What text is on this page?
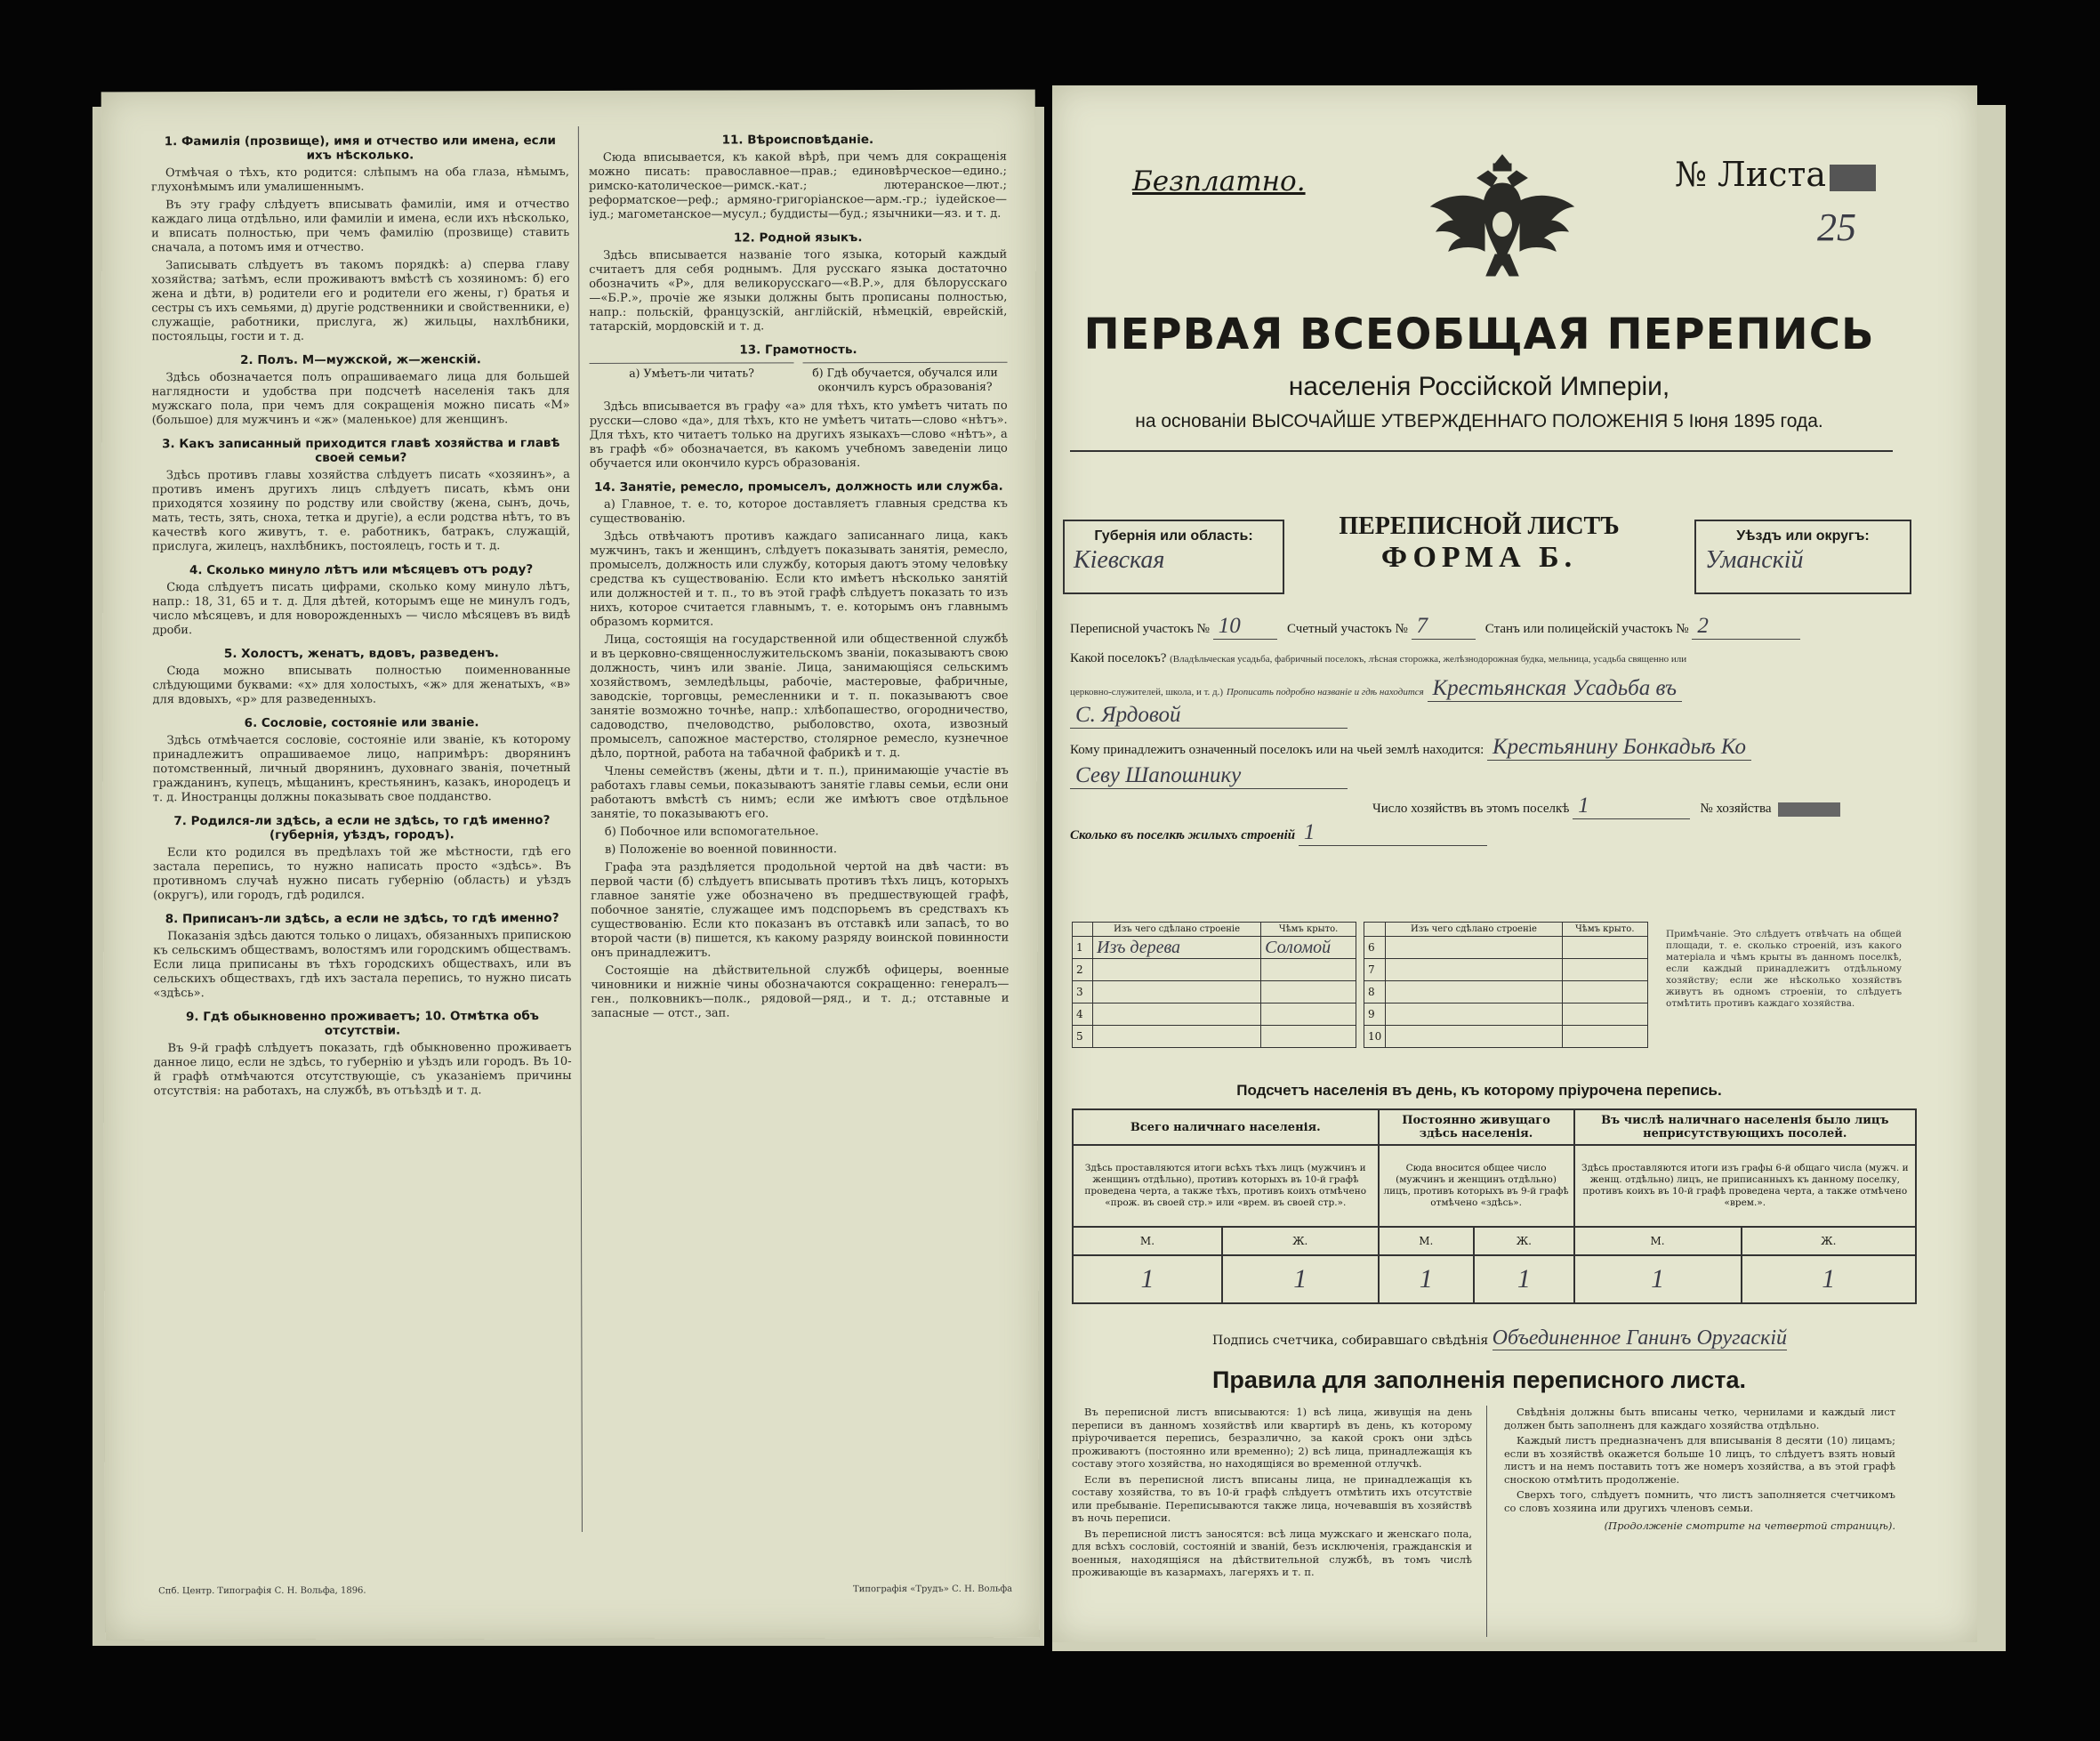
1. Фамилія (прозвище), имя и отчество или имена, если ихъ нѣсколько.

Отмѣчая о тѣхъ, кто родится: слѣпымъ на оба глаза, нѣмымъ, глухонѣмымъ или умалишеннымъ.

Въ эту графу слѣдуетъ вписывать фамиліи, имя и отчество каждаго лица отдѣльно, или фамиліи и имена, если ихъ нѣсколько, и вписать полностью, при чемъ фамилію (прозвище) ставить сначала, а потомъ имя и отчество.

Записывать слѣдуетъ въ такомъ порядкѣ: а) сперва главу хозяйства; затѣмъ, если проживаютъ вмѣстѣ съ хозяиномъ: б) его жена и дѣти, в) родители его и родители его жены, г) братья и сестры съ ихъ семьями, д) другіе родственники и свойственники, е) служащіе, работники, прислуга, ж) жильцы, нахлѣбники, постояльцы, гости и т. д.

2. Полъ. М—мужской, ж—женскій.

Здѣсь обозначается полъ опрашиваемаго лица для большей наглядности и удобства при подсчетѣ населенія такъ для мужскаго пола, при чемъ для сокращенія можно писать «М» (большое) для мужчинъ и «ж» (маленькое) для женщинъ.

3. Какъ записанный приходится главѣ хозяйства и главѣ своей семьи?

Здѣсь противъ главы хозяйства слѣдуетъ писать «хозяинъ», а противъ именъ другихъ лицъ слѣдуетъ писать, кѣмъ они приходятся хозяину по родству или свойству (жена, сынъ, дочь, мать, тесть, зять, сноха, тетка и другіе), а если родства нѣтъ, то въ качествѣ кого живутъ, т. е. работникъ, батракъ, служащій, прислуга, жилецъ, нахлѣбникъ, постоялецъ, гость и т. д.

4. Сколько минуло лѣтъ или мѣсяцевъ отъ роду?

Сюда слѣдуетъ писать цифрами, сколько кому минуло лѣтъ, напр.: 18, 31, 65 и т. д. Для дѣтей, которымъ еще не минулъ годъ, число мѣсяцевъ, и для новорожденныхъ — число мѣсяцевъ въ видѣ дроби.

5. Холостъ, женатъ, вдовъ, разведенъ.

Сюда можно вписывать полностью поименнованные слѣдующими буквами: «х» для холостыхъ, «ж» для женатыхъ, «в» для вдовыхъ, «р» для разведенныхъ.

6. Сословіе, состояніе или званіе.

Здѣсь отмѣчается сословіе, состояніе или званіе, къ которому принадлежитъ опрашиваемое лицо, напримѣръ: дворянинъ потомственный, личный дворянинъ, духовнаго званія, почетный гражданинъ, купецъ, мѣщанинъ, крестьянинъ, казакъ, инородецъ и т. д. Иностранцы должны показывать свое подданство.

7. Родился-ли здѣсь, а если не здѣсь, то гдѣ именно? (губернія, уѣздъ, городъ).

Если кто родился въ предѣлахъ той же мѣстности, гдѣ его застала перепись, то нужно написать просто «здѣсь». Въ противномъ случаѣ нужно писать губернію (область) и уѣздъ (округъ), или городъ, гдѣ родился.

8. Приписанъ-ли здѣсь, а если не здѣсь, то гдѣ именно?

Показанія здѣсь даются только о лицахъ, обязанныхъ припискою къ сельскимъ обществамъ, волостямъ или городскимъ обществамъ. Если лица приписаны въ тѣхъ городскихъ обществахъ, или въ сельскихъ обществахъ, гдѣ ихъ застала перепись, то нужно писать «здѣсь».

9. Гдѣ обыкновенно проживаетъ; 10. Отмѣтка объ отсутствіи.

Въ 9-й графѣ слѣдуетъ показать, гдѣ обыкновенно проживаетъ данное лицо, если не здѣсь, то губернію и уѣздъ или городъ. Въ 10-й графѣ отмѣчаются отсутствующіе, съ указаніемъ причины отсутствія: на работахъ, на службѣ, въ отъѣздѣ и т. д.

11. Вѣроисповѣданіе.

Сюда вписывается, къ какой вѣрѣ, при чемъ для сокращенія можно писать: православное—прав.; единовѣрческое—едино.; римско-католическое—римск.-кат.; лютеранское—лют.; реформатское—реф.; армяно-григоріанское—арм.-гр.; іудейское—іуд.; магометанское—мусул.; буддисты—буд.; язычники—яз. и т. д.

12. Родной языкъ.

Здѣсь вписывается названіе того языка, который каждый считаетъ для себя роднымъ. Для русскаго языка достаточно обозначить «Р», для великорусскаго—«В.Р.», для бѣлорусскаго—«Б.Р.», прочіе же языки должны быть прописаны полностью, напр.: польскій, французскій, англійскій, нѣмецкій, еврейскій, татарскій, мордовскій и т. д.

13. Грамотность.
а) Умѣетъ-ли читать?	б) Гдѣ обучается, обучался или окончилъ курсъ образованія?

Здѣсь вписывается въ графу «а» для тѣхъ, кто умѣетъ читать по русски—слово «да», для тѣхъ, кто не умѣетъ читать—слово «нѣтъ». Для тѣхъ, кто читаетъ только на другихъ языкахъ—слово «нѣтъ», а въ графѣ «б» обозначается, въ какомъ учебномъ заведеніи лицо обучается или окончило курсъ образованія.

14. Занятіе, ремесло, промыселъ, должность или служба.

а) Главное, т. е. то, которое доставляетъ главныя средства къ существованію.

Здѣсь отвѣчаютъ противъ каждаго записаннаго лица, какъ мужчинъ, такъ и женщинъ, слѣдуетъ показывать занятія, ремесло, промыселъ, должность или службу, которыя даютъ этому человѣку средства къ существованію. Если кто имѣетъ нѣсколько занятій или должностей и т. п., то въ этой графѣ слѣдуетъ показать то изъ нихъ, которое считается главнымъ, т. е. которымъ онъ главнымъ образомъ кормится.

Лица, состоящія на государственной или общественной службѣ и въ церковно-священнослужительскомъ званіи, показываютъ свою должность, чинъ или званіе. Лица, занимающіяся сельскимъ хозяйствомъ, земледѣльцы, рабочіе, мастеровые, фабричные, заводскіе, торговцы, ремесленники и т. п. показываютъ свое занятіе возможно точнѣе, напр.: хлѣбопашество, огородничество, садоводство, пчеловодство, рыболовство, охота, извозный промыселъ, сапожное мастерство, столярное ремесло, кузнечное дѣло, портной, работа на табачной фабрикѣ и т. д.

Члены семействъ (жены, дѣти и т. п.), принимающіе участіе въ работахъ главы семьи, показываютъ занятіе главы семьи, если они работаютъ вмѣстѣ съ нимъ; если же имѣютъ свое отдѣльное занятіе, то показываютъ его.

б) Побочное или вспомогательное.

в) Положеніе во военной повинности.

Графа эта раздѣляется продольной чертой на двѣ части: въ первой части (б) слѣдуетъ вписывать противъ тѣхъ лицъ, которыхъ главное занятіе уже обозначено въ предшествующей графѣ, побочное занятіе, служащее имъ подспорьемъ въ средствахъ къ существованію. Если кто показанъ въ отставкѣ или запасѣ, то во второй части (в) пишется, къ какому разряду воинской повинности онъ принадлежитъ.

Состоящіе на дѣйствительной службѣ офицеры, военные чиновники и нижніе чины обозначаются сокращенно: генералъ—ген., полковникъ—полк., рядовой—ряд., и т. д.; отставные и запасные — отст., зап.

Спб. Центр. Типографія С. Н. Вольфа, 1896.	Типографія «Трудъ» С. Н. Вольфа
Безплатно.	№ Листа
25
ПЕРВАЯ ВСЕОБЩАЯ ПЕРЕПИСЬ
населенія Россійской Имперіи,
на основаніи ВЫСОЧАЙШЕ УТВЕРЖДЕННАГО ПОЛОЖЕНІЯ 5 Іюня 1895 года.
Губернія или область:
Кіевская
ПЕРЕПИСНОЙ ЛИСТЪ
ФОРМА Б.
Уѣздъ или округъ:
Уманскій
Переписной участокъ № 10	Счетный участокъ № 7	Станъ или полицейскій участокъ № 2
Какой поселокъ? (Владѣльческая усадьба, фабричный поселокъ, лѣсная сторожка, желѣзнодорожная будка, мельница, усадьба священно или
церковно-служителей, школа, и т. д.) Прописать подробно названіе и гдѣ находится Крестьянская Усадьба въ
С. Ярдовой
Кому принадлежитъ означенный поселокъ или на чьей землѣ находится: Крестьянину Бонкадьѣ Ко
Севу Шапошнику
Число хозяйствъ въ этомъ поселкѣ 1	№ хозяйства
Сколько въ поселкѣ жилыхъ строеній 1
	Изъ чего сдѣлано строеніе	Чѣмъ крыто.
1	Изъ дерева	Соломой
2		
3		
4		
5		
	Изъ чего сдѣлано строеніе	Чѣмъ крыто.
6		
7		
8		
9		
10		
Примѣчаніе. Это слѣдуетъ отвѣчать на общей площади, т. е. сколько строеній, изъ какого матеріала и чѣмъ крыты въ данномъ поселкѣ, если каждый принадлежитъ отдѣльному хозяйству; если же нѣсколько хозяйствъ живутъ въ одномъ строеніи, то слѣдуетъ отмѣтить противъ каждаго хозяйства.
Подсчетъ населенія въ день, къ которому пріурочена перепись.
Всего наличнаго населенія.		Постоянно живущаго здѣсь населенія.		Въ числѣ наличнаго населенія было лицъ неприсутствующихъ посолей.	
Здѣсь проставляются итоги всѣхъ тѣхъ лицъ (мужчинъ и женщинъ отдѣльно), противъ которыхъ въ 10-й графѣ проведена черта, а также тѣхъ, противъ коихъ отмѣчено «прож. въ своей стр.» или «врем. въ своей стр.».		Сюда вносится общее число (мужчинъ и женщинъ отдѣльно) лицъ, противъ которыхъ въ 9-й графѣ отмѣчено «здѣсь».		Здѣсь проставляются итоги изъ графы 6-й общаго числа (мужч. и женщ. отдѣльно) лицъ, не приписанныхъ къ данному поселку, противъ коихъ въ 10-й графѣ проведена черта, а также отмѣчено «врем.».	
М.	Ж.	М.	Ж.	М.	Ж.
1	1	1	1	1	1
Подпись счетчика, собиравшаго свѣдѣнія Объединенное Ганинъ Оругаскій
Правила для заполненія переписного листа.

Въ переписной листъ вписываются: 1) всѣ лица, живущія на день переписи въ данномъ хозяйствѣ или квартирѣ въ день, къ которому пріурочивается перепись, безразлично, за какой срокъ они здѣсь проживаютъ (постоянно или временно); 2) всѣ лица, принадлежащія къ составу этого хозяйства, но находящіяся во временной отлучкѣ.

Если въ переписной листъ вписаны лица, не принадлежащія къ составу хозяйства, то въ 10-й графѣ слѣдуетъ отмѣтить ихъ отсутствіе или пребываніе. Переписываются также лица, ночевавшія въ хозяйствѣ въ ночь переписи.

Въ переписной листъ заносятся: всѣ лица мужскаго и женскаго пола, для всѣхъ сословій, состояній и званій, безъ исключенія, гражданскія и военныя, находящіяся на дѣйствительной службѣ, въ томъ числѣ проживающіе въ казармахъ, лагеряхъ и т. п.

Свѣдѣнія должны быть вписаны четко, чернилами и каждый лист должен быть заполненъ для каждаго хозяйства отдѣльно.

Каждый листъ предназначенъ для вписыванія 8 десяти (10) лицамъ; если въ хозяйствѣ окажется больше 10 лицъ, то слѣдуетъ взять новый листъ и на немъ поставить тотъ же номеръ хозяйства, а въ этой графѣ сноскою отмѣтить продолженіе.

Сверхъ того, слѣдуетъ помнить, что листъ заполняется счетчикомъ со словъ хозяина или другихъ членовъ семьи.

(Продолженіе смотрите на четвертой страницѣ).
